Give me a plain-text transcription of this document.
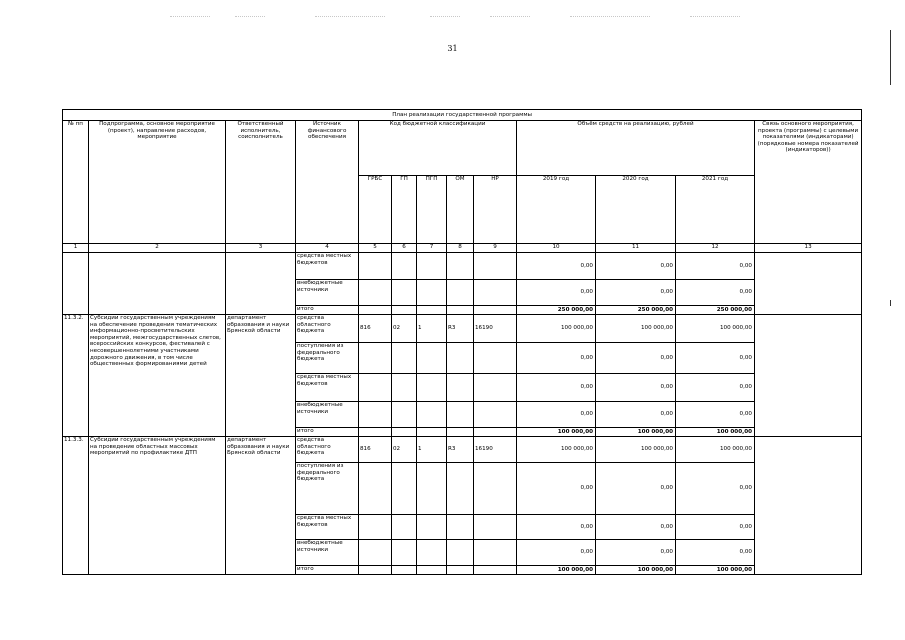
31
План реализации государственной программы												
№ пп	Подпрограмма, основное мероприятие (проект), направление расходов, мероприятие	Ответственный исполнитель, соисполнитель	Источник финансового обеспечения	Код бюджетной классификации					Объём средств на реализацию, рублей			Связь основного мероприятия, проекта (программы) с целевыми показателями (индикаторами) (порядковые номера показателей (индикаторов))
				ГРБС	ГП	ПГП	ОМ	НР	2019 год	2020 год	2021 год	
1	2	3	4	5	6	7	8	9	10	11	12	13
			средства местных бюджетов						0,00	0,00	0,00	
			внебюджетные источники						0,00	0,00	0,00	
			итого						250 000,00	250 000,00	250 000,00	
11.3.2.	Субсидии государственным учреждениям на обеспечение проведения тематических информационно-просветительских мероприятий, межгосударственных слетов, всероссийских конкурсов, фестивалей с несовершеннолетними участниками дорожного движения, в том числе общественных формированиями детей	департамент образования и науки Брянской области	средства областного бюджета	816	02	1	R3	16190	100 000,00	100 000,00	100 000,00	
			поступления из федерального бюджета						0,00	0,00	0,00	
			средства местных бюджетов						0,00	0,00	0,00	
			внебюджетные источники						0,00	0,00	0,00	
			итого						100 000,00	100 000,00	100 000,00	
11.3.3.	Субсидии государственным учреждениям на проведение областных массовых мероприятий по профилактике ДТП	департамент образования и науки Брянской области	средства областного бюджета	816	02	1	R3	16190	100 000,00	100 000,00	100 000,00	
			поступления из федерального бюджета						0,00	0,00	0,00	
			средства местных бюджетов						0,00	0,00	0,00	
			внебюджетные источники						0,00	0,00	0,00	
			итого						100 000,00	100 000,00	100 000,00	
